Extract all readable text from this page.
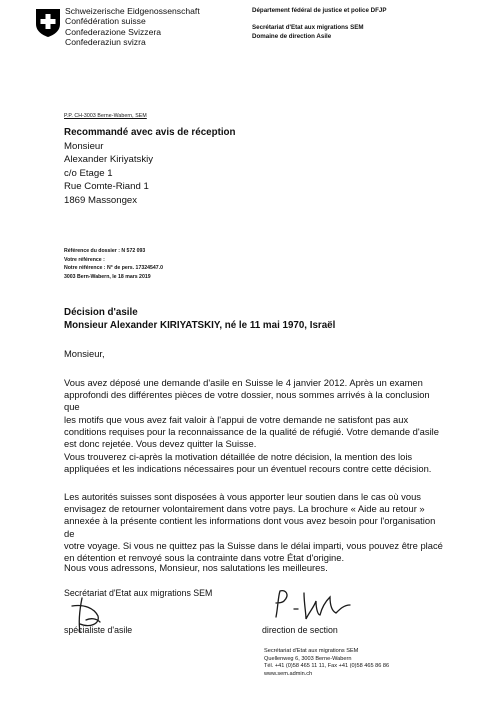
Schweizerische Eidgenossenschaft
Confédération suisse
Confederazione Svizzera
Confederaziun svizra
Département fédéral de justice et police DFJP
Secrétariat d'Etat aux migrations SEM
Domaine de direction Asile
P.P. CH-3003 Berne-Wabern, SEM
Recommandé avec avis de réception
Monsieur
Alexander Kiriyatskiy
c/o Etage 1
Rue Comte-Riand 1
1869 Massongex
Référence du dossier : N 572 093
Votre référence :
Notre référence : N° de pers. 17324547.0
3003 Bern-Wabern, le 18 mars 2019
Décision d'asile
Monsieur Alexander KIRIYATSKIY, né le 11 mai 1970, Israël
Monsieur,
Vous avez déposé une demande d'asile en Suisse le 4 janvier 2012. Après un examen
approfondi des différentes pièces de votre dossier, nous sommes arrivés à la conclusion que
les motifs que vous avez fait valoir à l'appui de votre demande ne satisfont pas aux
conditions requises pour la reconnaissance de la qualité de réfugié. Votre demande d'asile
est donc rejetée. Vous devez quitter la Suisse.
Vous trouverez ci-après la motivation détaillée de notre décision, la mention des lois
appliquées et les indications nécessaires pour un éventuel recours contre cette décision.
Les autorités suisses sont disposées à vous apporter leur soutien dans le cas où vous
envisagez de retourner volontairement dans votre pays. La brochure « Aide au retour »
annexée à la présente contient les informations dont vous avez besoin pour l'organisation de
votre voyage. Si vous ne quittez pas la Suisse dans le délai imparti, vous pouvez être placé
en détention et renvoyé sous la contrainte dans votre État d'origine.
Nous vous adressons, Monsieur, nos salutations les meilleures.
Secrétariat d'Etat aux migrations SEM
spécialiste d'asile	direction de section
Secrétariat d'Etat aux migrations SEM
Quellenweg 6, 3003 Berne-Wabern
Tél. +41 (0)58 465 11 11, Fax +41 (0)58 465 86 86
www.sem.admin.ch
